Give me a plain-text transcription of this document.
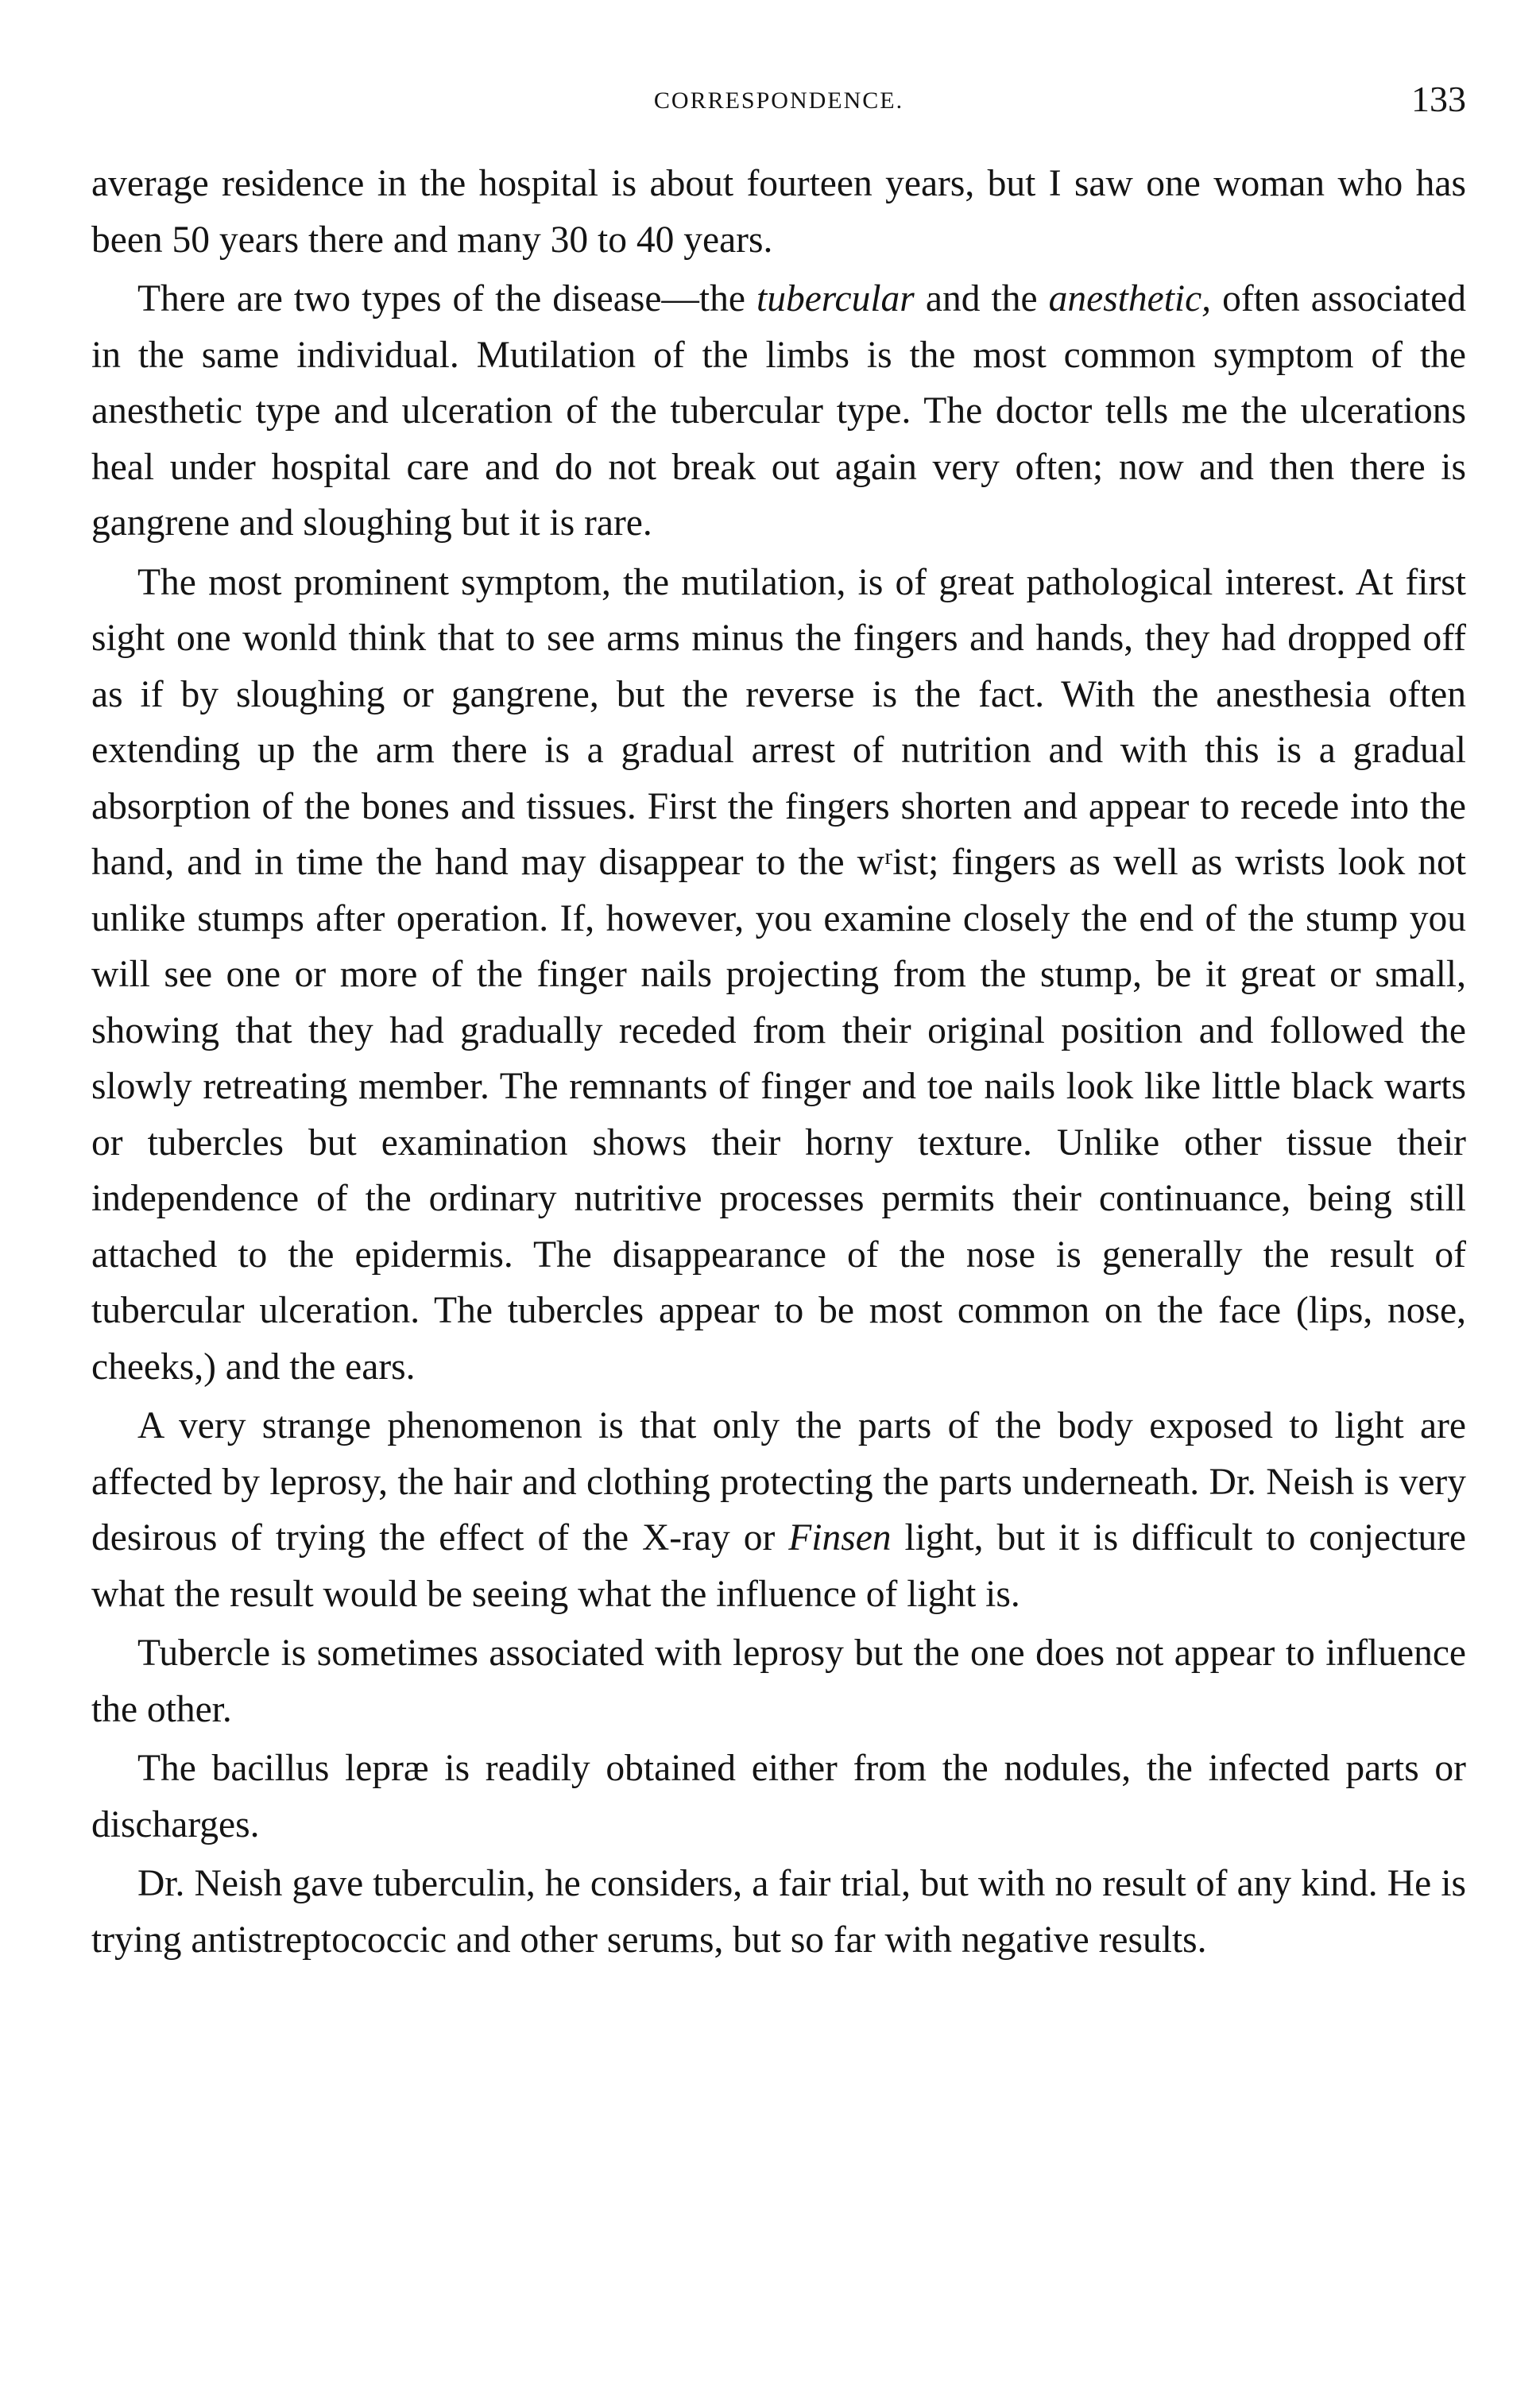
CORRESPONDENCE.	133

average residence in the hospital is about fourteen years, but I saw one woman who has been 50 years there and many 30 to 40 years.

There are two types of the disease—the tubercular and the anesthetic, often associated in the same individual. Mutilation of the limbs is the most common symptom of the anesthetic type and ulceration of the tubercular type. The doctor tells me the ulcerations heal under hospital care and do not break out again very often; now and then there is gangrene and sloughing but it is rare.

The most prominent symptom, the mutilation, is of great pathological interest. At first sight one wonld think that to see arms minus the fingers and hands, they had dropped off as if by sloughing or gangrene, but the reverse is the fact. With the anesthesia often extending up the arm there is a gradual arrest of nutrition and with this is a gradual absorption of the bones and tissues. First the fingers shorten and appear to recede into the hand, and in time the hand may disappear to the wʳist; fingers as well as wrists look not unlike stumps after operation. If, however, you examine closely the end of the stump you will see one or more of the finger nails projecting from the stump, be it great or small, showing that they had gradually receded from their original position and followed the slowly retreating member. The remnants of finger and toe nails look like little black warts or tubercles but examination shows their horny texture. Unlike other tissue their independence of the ordinary nutritive processes permits their continuance, being still attached to the epidermis. The disappearance of the nose is generally the result of tubercular ulceration. The tubercles appear to be most common on the face (lips, nose, cheeks,) and the ears.

A very strange phenomenon is that only the parts of the body exposed to light are affected by leprosy, the hair and clothing protecting the parts underneath. Dr. Neish is very desirous of trying the effect of the X-ray or Finsen light, but it is difficult to conjecture what the result would be seeing what the influence of light is.

Tubercle is sometimes associated with leprosy but the one does not appear to influence the other.

The bacillus lepræ is readily obtained either from the nodules, the infected parts or discharges.

Dr. Neish gave tuberculin, he considers, a fair trial, but with no result of any kind. He is trying antistreptococcic and other serums, but so far with negative results.
